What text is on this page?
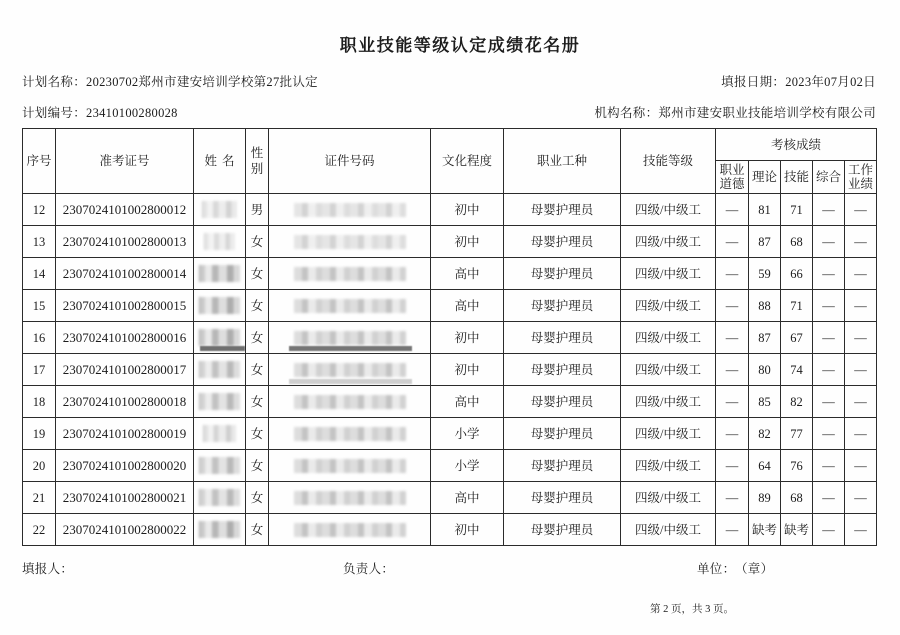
职业技能等级认定成绩花名册
计划名称：20230702郑州市建安培训学校第27批认定	填报日期：2023年07月02日
计划编号：23410100280028	机构名称：郑州市建安职业技能培训学校有限公司
序号	准考证号	姓名	性别	证件号码	文化程度	职业工种	技能等级	考核成绩				
								职业道德	理论	技能	综合	工作业绩
12	2307024101002800012		男		初中	母婴护理员	四级/中级工	—	81	71	—	—
13	2307024101002800013		女		初中	母婴护理员	四级/中级工	—	87	68	—	—
14	2307024101002800014		女		高中	母婴护理员	四级/中级工	—	59	66	—	—
15	2307024101002800015		女		高中	母婴护理员	四级/中级工	—	88	71	—	—
16	2307024101002800016		女		初中	母婴护理员	四级/中级工	—	87	67	—	—
17	2307024101002800017		女		初中	母婴护理员	四级/中级工	—	80	74	—	—
18	2307024101002800018		女		高中	母婴护理员	四级/中级工	—	85	82	—	—
19	2307024101002800019		女		小学	母婴护理员	四级/中级工	—	82	77	—	—
20	2307024101002800020		女		小学	母婴护理员	四级/中级工	—	64	76	—	—
21	2307024101002800021		女		高中	母婴护理员	四级/中级工	—	89	68	—	—
22	2307024101002800022		女		初中	母婴护理员	四级/中级工	—	缺考	缺考	—	—
填报人：	负责人：	单位： （章）
第 2 页，共 3 页。
